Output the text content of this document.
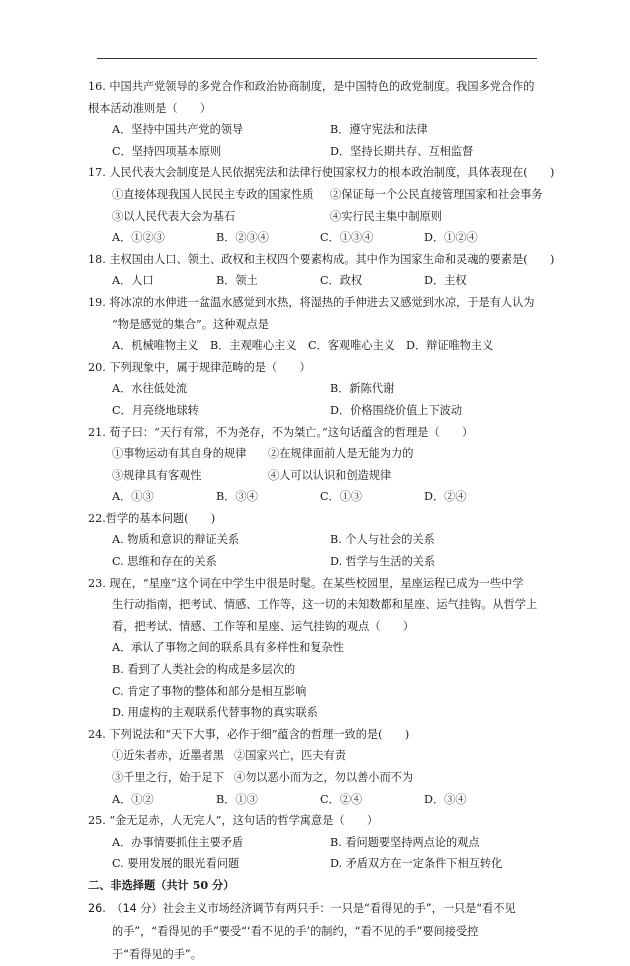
16. 中国共产党领导的多党合作和政治协商制度，是中国特色的政党制度。我国多党合作的
根本活动准则是（　　）
A．坚持中国共产党的领导	B．遵守宪法和法律
C．坚持四项基本原则	D．坚持长期共存、互相监督
17. 人民代表大会制度是人民依据宪法和法律行使国家权力的根本政治制度，具体表现在(　　)
①直接体现我国人民民主专政的国家性质	②保证每一个公民直接管理国家和社会事务
③以人民代表大会为基石	④实行民主集中制原则
A．①②③	B．②③④	C．①③④	D．①②④
18. 主权国由人口、领土、政权和主权四个要素构成。其中作为国家生命和灵魂的要素是(　　)
A．人口	B．领土	C．政权	D．主权
19. 将冰凉的水伸进一盆温水感觉到水热，将湿热的手伸进去又感觉到水凉，于是有人认为
“物是感觉的集合”。这种观点是
A．机械唯物主义	B．主观唯心主义	C．客观唯心主义 D．辩证唯物主义
20. 下列现象中，属于规律范畴的是（　　）
A．水往低处流	B．新陈代谢
C．月亮绕地球转	D．价格围绕价值上下波动
21. 荀子曰：“天行有常，不为尧存，不为桀亡。”这句话蕴含的哲理是（　　）
①事物运动有其自身的规律	②在规律面前人是无能为力的
③规律具有客观性	④人可以认识和创造规律
A．①③	B．③④	C．①③	D．②④
22.哲学的基本问题(　　)
A. 物质和意识的辩证关系	B. 个人与社会的关系
C. 思维和存在的关系	D. 哲学与生活的关系
23. 现在，“星座”这个词在中学生中很是时髦。在某些校园里，星座运程已成为一些中学
生行动指南，把考试、情感、工作等，这一切的未知数都和星座、运气挂钩。从哲学上
看，把考试、情感、工作等和星座、运气挂钩的观点（　　）
A．承认了事物之间的联系具有多样性和复杂性
B. 看到了人类社会的构成是多层次的
C. 肯定了事物的整体和部分是相互影响
D. 用虚构的主观联系代替事物的真实联系
24. 下列说法和“天下大事，必作于细”蕴含的哲理一致的是(　　)
①近朱者赤，近墨者黑 ②国家兴亡，匹夫有责
③千里之行，始于足下 ④勿以恶小而为之，勿以善小而不为
A．①②	B．①③	C．②④	D．③④
25. “金无足赤，人无完人”，这句话的哲学寓意是（　　）
A．办事情要抓住主要矛盾	B. 看问题要坚持两点论的观点
C. 要用发展的眼光看问题	D. 矛盾双方在一定条件下相互转化
二、非选择题（共计 50 分）
26.　（14 分）社会主义市场经济调节有两只手：一只是“看得见的手”，一只是“看不见
的手”，“看得见的手”要受“‘看不见的手’的制约，“看不见的手”要间接受控
于“看得见的手”。
